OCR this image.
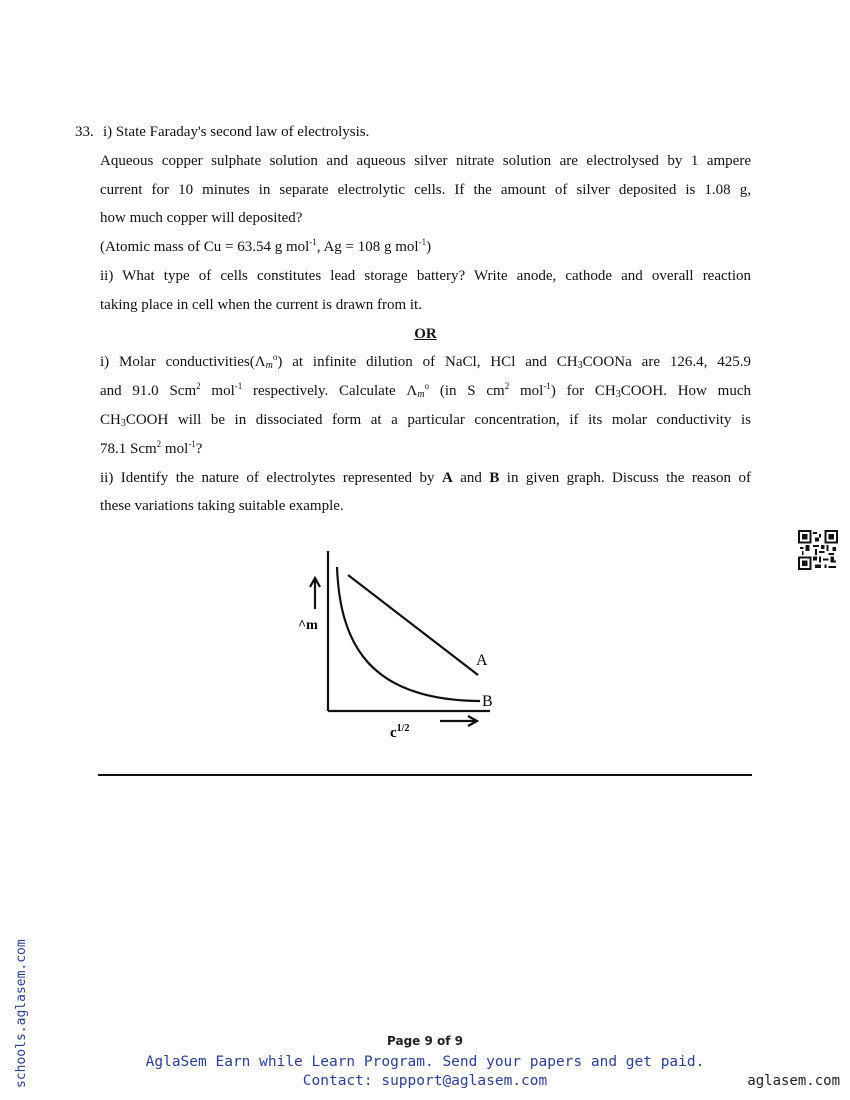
33. i) State Faraday's second law of electrolysis.
Aqueous copper sulphate solution and aqueous silver nitrate solution are electrolysed by 1 ampere
current for 10 minutes in separate electrolytic cells. If the amount of silver deposited is 1.08 g,
how much copper will deposited?
(Atomic mass of Cu = 63.54 g mol$^{-1}$, Ag = 108 g mol$^{-1}$)
ii) What type of cells constitutes lead storage battery? Write anode, cathode and overall reaction
taking place in cell when the current is drawn from it.
OR
i) Molar $conductivities(\Lambda_m^o)$ at infinite dilution of NaCl, HCl and $CH_3COONa$ are 126.4, 425.9
and 91.0 Scm$^2$ mol$^{-1}$ respectively. Calculate $\Lambda_m^o$ (in S $cm^2$ mol$^{-1}$) for $CH_3COOH$. How much
$CH_3COOH$ will be in dissociated form at a particular concentration, if its molar conductivity is
78.1 Scm$^2$ mol$^{-1}$?
ii) Identify the nature of electrolytes represented by A and B in given graph. Discuss the reason of
these variations taking suitable example.
^m
$c^{1/2}$
A
B
schools.aglasem.com	Page 9 of 9
AglaSem Earn while Learn Program. Send your papers and get paid.
Contact: support@aglasem.com	aglasem.com
